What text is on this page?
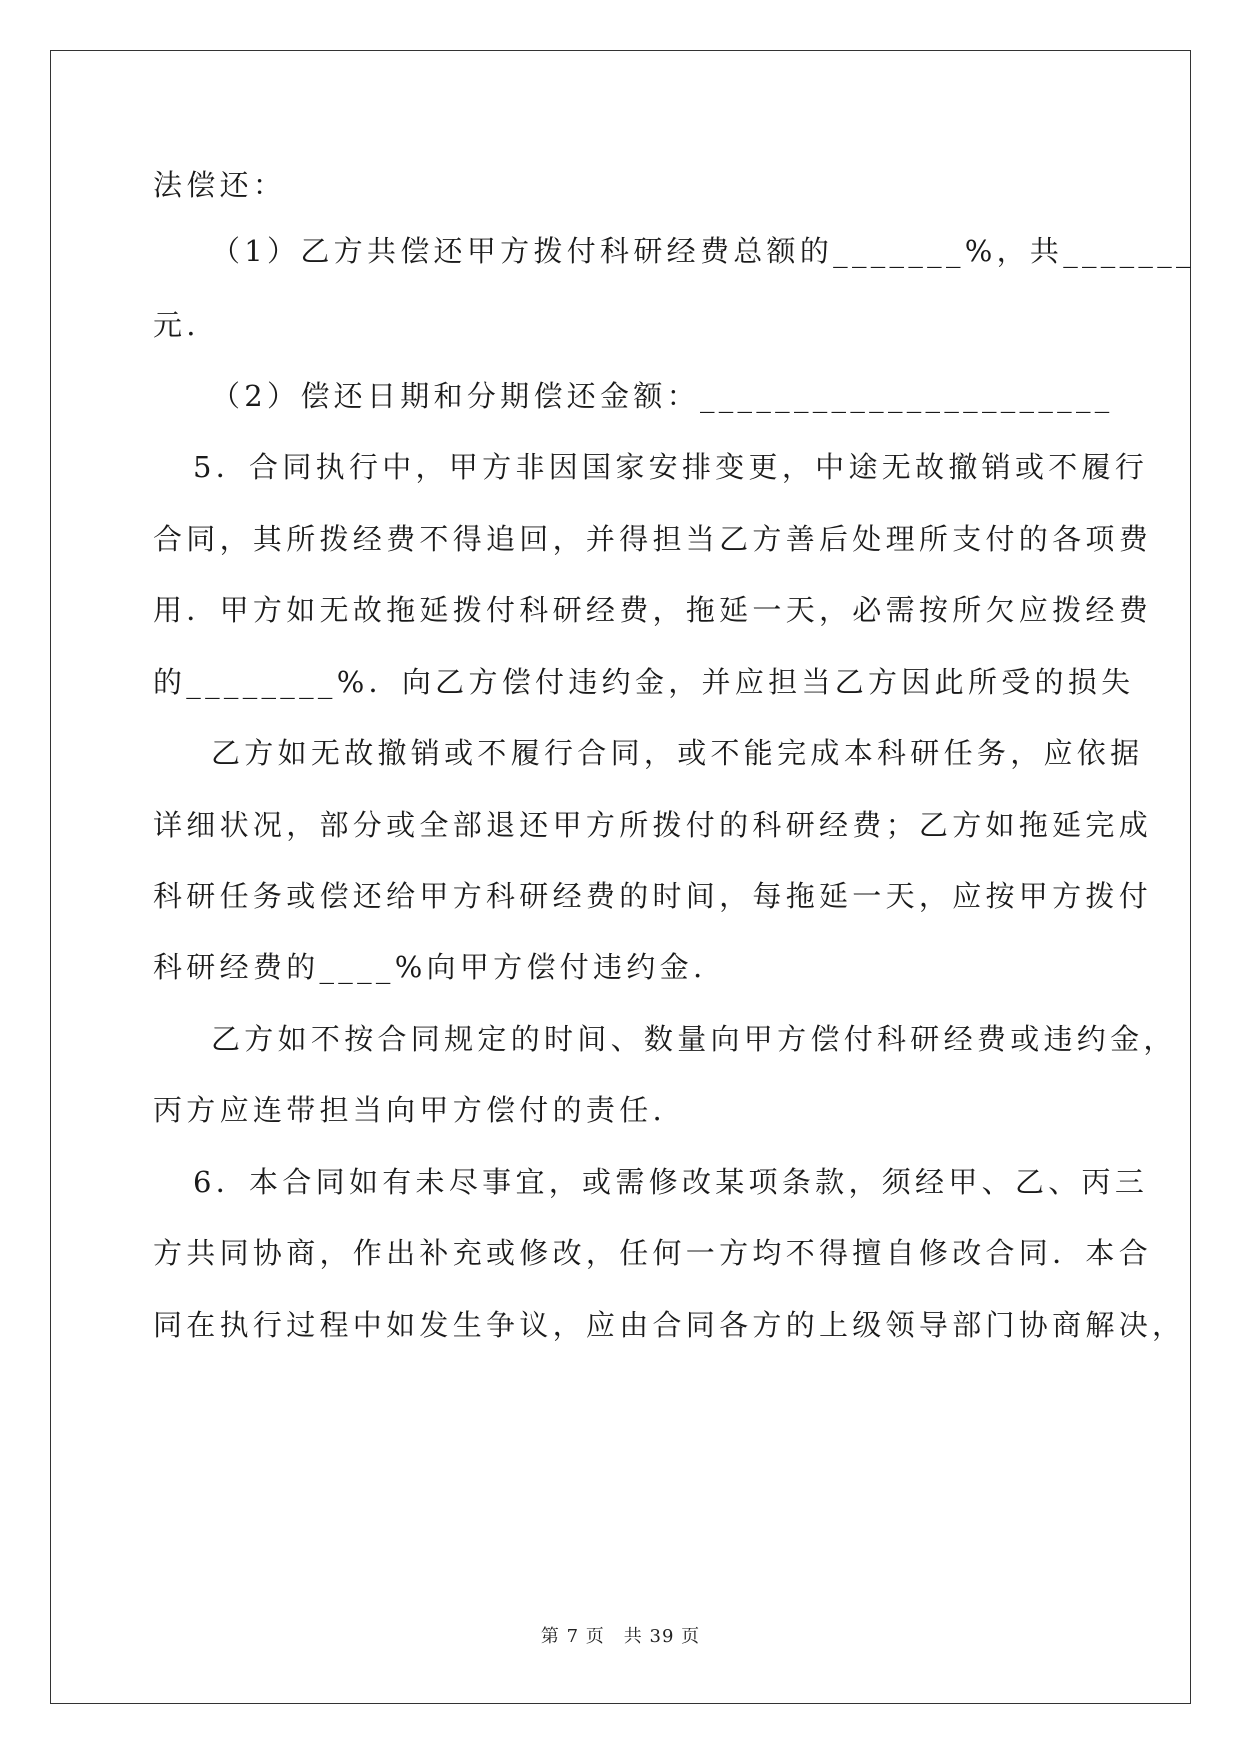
法偿还：
（1）乙方共偿还甲方拨付科研经费总额的_______%，共_______
元.
（2）偿还日期和分期偿还金额：______________________
5．合同执行中，甲方非因国家安排变更，中途无故撤销或不履行
合同，其所拨经费不得追回，并得担当乙方善后处理所支付的各项费
用．甲方如无故拖延拨付科研经费，拖延一天，必需按所欠应拨经费
的________%．向乙方偿付违约金，并应担当乙方因此所受的损失
乙方如无故撤销或不履行合同，或不能完成本科研任务，应依据
详细状况，部分或全部退还甲方所拨付的科研经费；乙方如拖延完成
科研任务或偿还给甲方科研经费的时间，每拖延一天，应按甲方拨付
科研经费的____%向甲方偿付违约金.
乙方如不按合同规定的时间、数量向甲方偿付科研经费或违约金，
丙方应连带担当向甲方偿付的责任.
6．本合同如有未尽事宜，或需修改某项条款，须经甲、乙、丙三
方共同协商，作出补充或修改，任何一方均不得擅自修改合同．本合
同在执行过程中如发生争议，应由合同各方的上级领导部门协商解决，
第 7 页　共 39 页
